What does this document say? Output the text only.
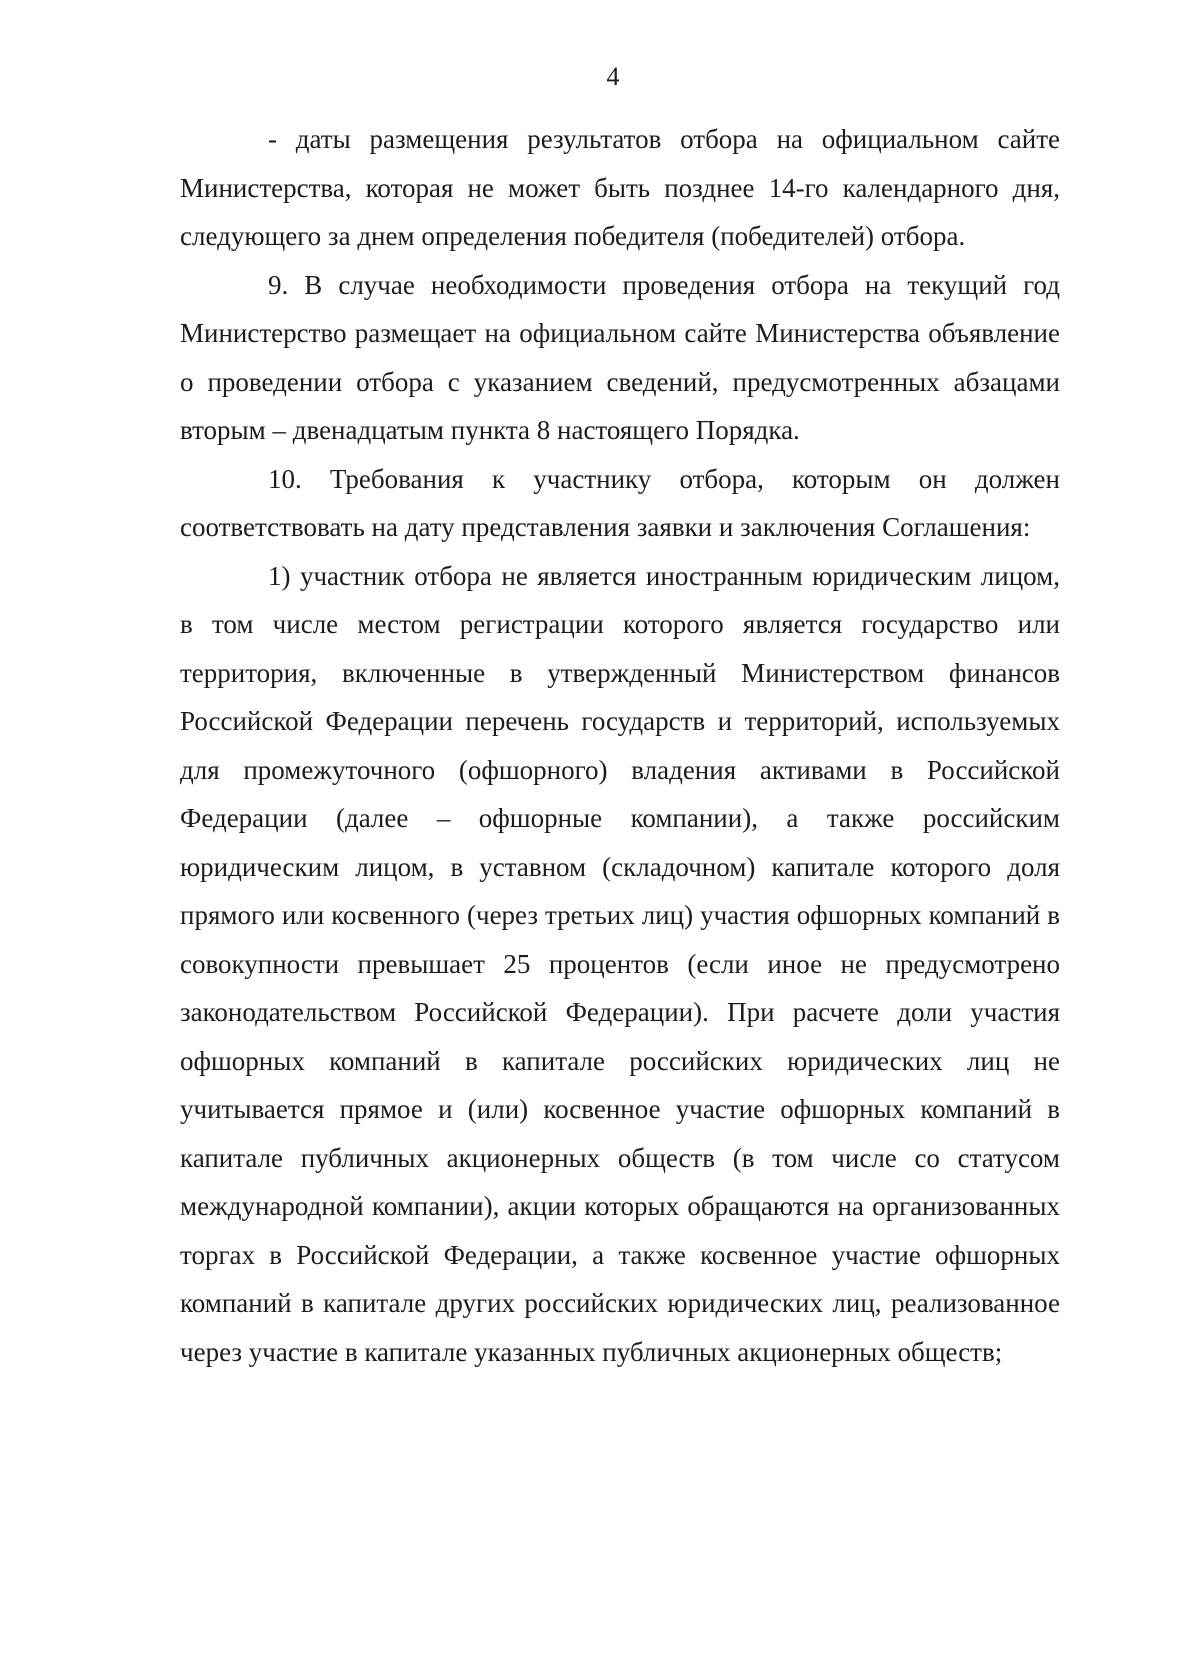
4

- даты размещения результатов отбора на официальном сайте Министерства, которая не может быть позднее 14-го календарного дня, следующего за днем определения победителя (победителей) отбора.

9. В случае необходимости проведения отбора на текущий год Министерство размещает на официальном сайте Министерства объявление о проведении отбора с указанием сведений, предусмотренных абзацами вторым – двенадцатым пункта 8 настоящего Порядка.

10. Требования к участнику отбора, которым он должен соответствовать на дату представления заявки и заключения Соглашения:

1) участник отбора не является иностранным юридическим лицом, в том числе местом регистрации которого является государство или территория, включенные в утвержденный Министерством финансов Российской Федерации перечень государств и территорий, используемых для промежуточного (офшорного) владения активами в Российской Федерации (далее – офшорные компании), а также российским юридическим лицом, в уставном (складочном) капитале которого доля прямого или косвенного (через третьих лиц) участия офшорных компаний в совокупности превышает 25 процентов (если иное не предусмотрено законодательством Российской Федерации). При расчете доли участия офшорных компаний в капитале российских юридических лиц не учитывается прямое и (или) косвенное участие офшорных компаний в капитале публичных акционерных обществ (в том числе со статусом международной компании), акции которых обращаются на организованных торгах в Российской Федерации, а также косвенное участие офшорных компаний в капитале других российских юридических лиц, реализованное через участие в капитале указанных публичных акционерных обществ;
